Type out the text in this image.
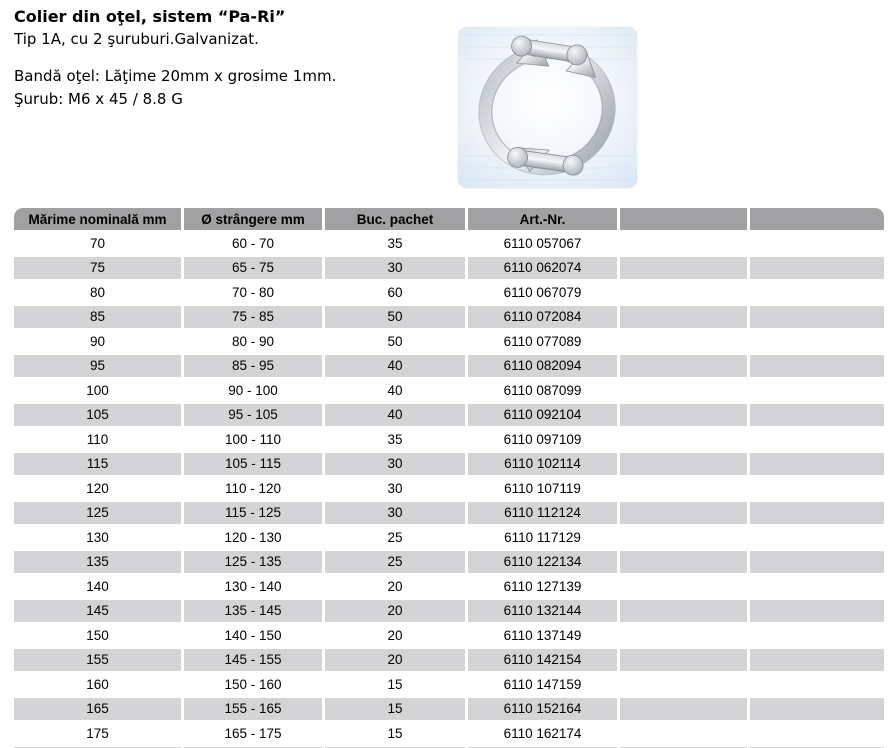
Colier din oţel, sistem “Pa-Ri”
Tip 1A, cu 2 şuruburi.Galvanizat.
Bandă oţel: Lăţime 20mm x grosime 1mm.
Şurub: M6 x 45 / 8.8 G
Mărime nominală mm	Ø strângere mm	Buc. pachet	Art.-Nr.		
70	60 - 70	35	6110 057067		
75	65 - 75	30	6110 062074		
80	70 - 80	60	6110 067079		
85	75 - 85	50	6110 072084		
90	80 - 90	50	6110 077089		
95	85 - 95	40	6110 082094		
100	90 - 100	40	6110 087099		
105	95 - 105	40	6110 092104		
110	100 - 110	35	6110 097109		
115	105 - 115	30	6110 102114		
120	110 - 120	30	6110 107119		
125	115 - 125	30	6110 112124		
130	120 - 130	25	6110 117129		
135	125 - 135	25	6110 122134		
140	130 - 140	20	6110 127139		
145	135 - 145	20	6110 132144		
150	140 - 150	20	6110 137149		
155	145 - 155	20	6110 142154		
160	150 - 160	15	6110 147159		
165	155 - 165	15	6110 152164		
175	165 - 175	15	6110 162174		
